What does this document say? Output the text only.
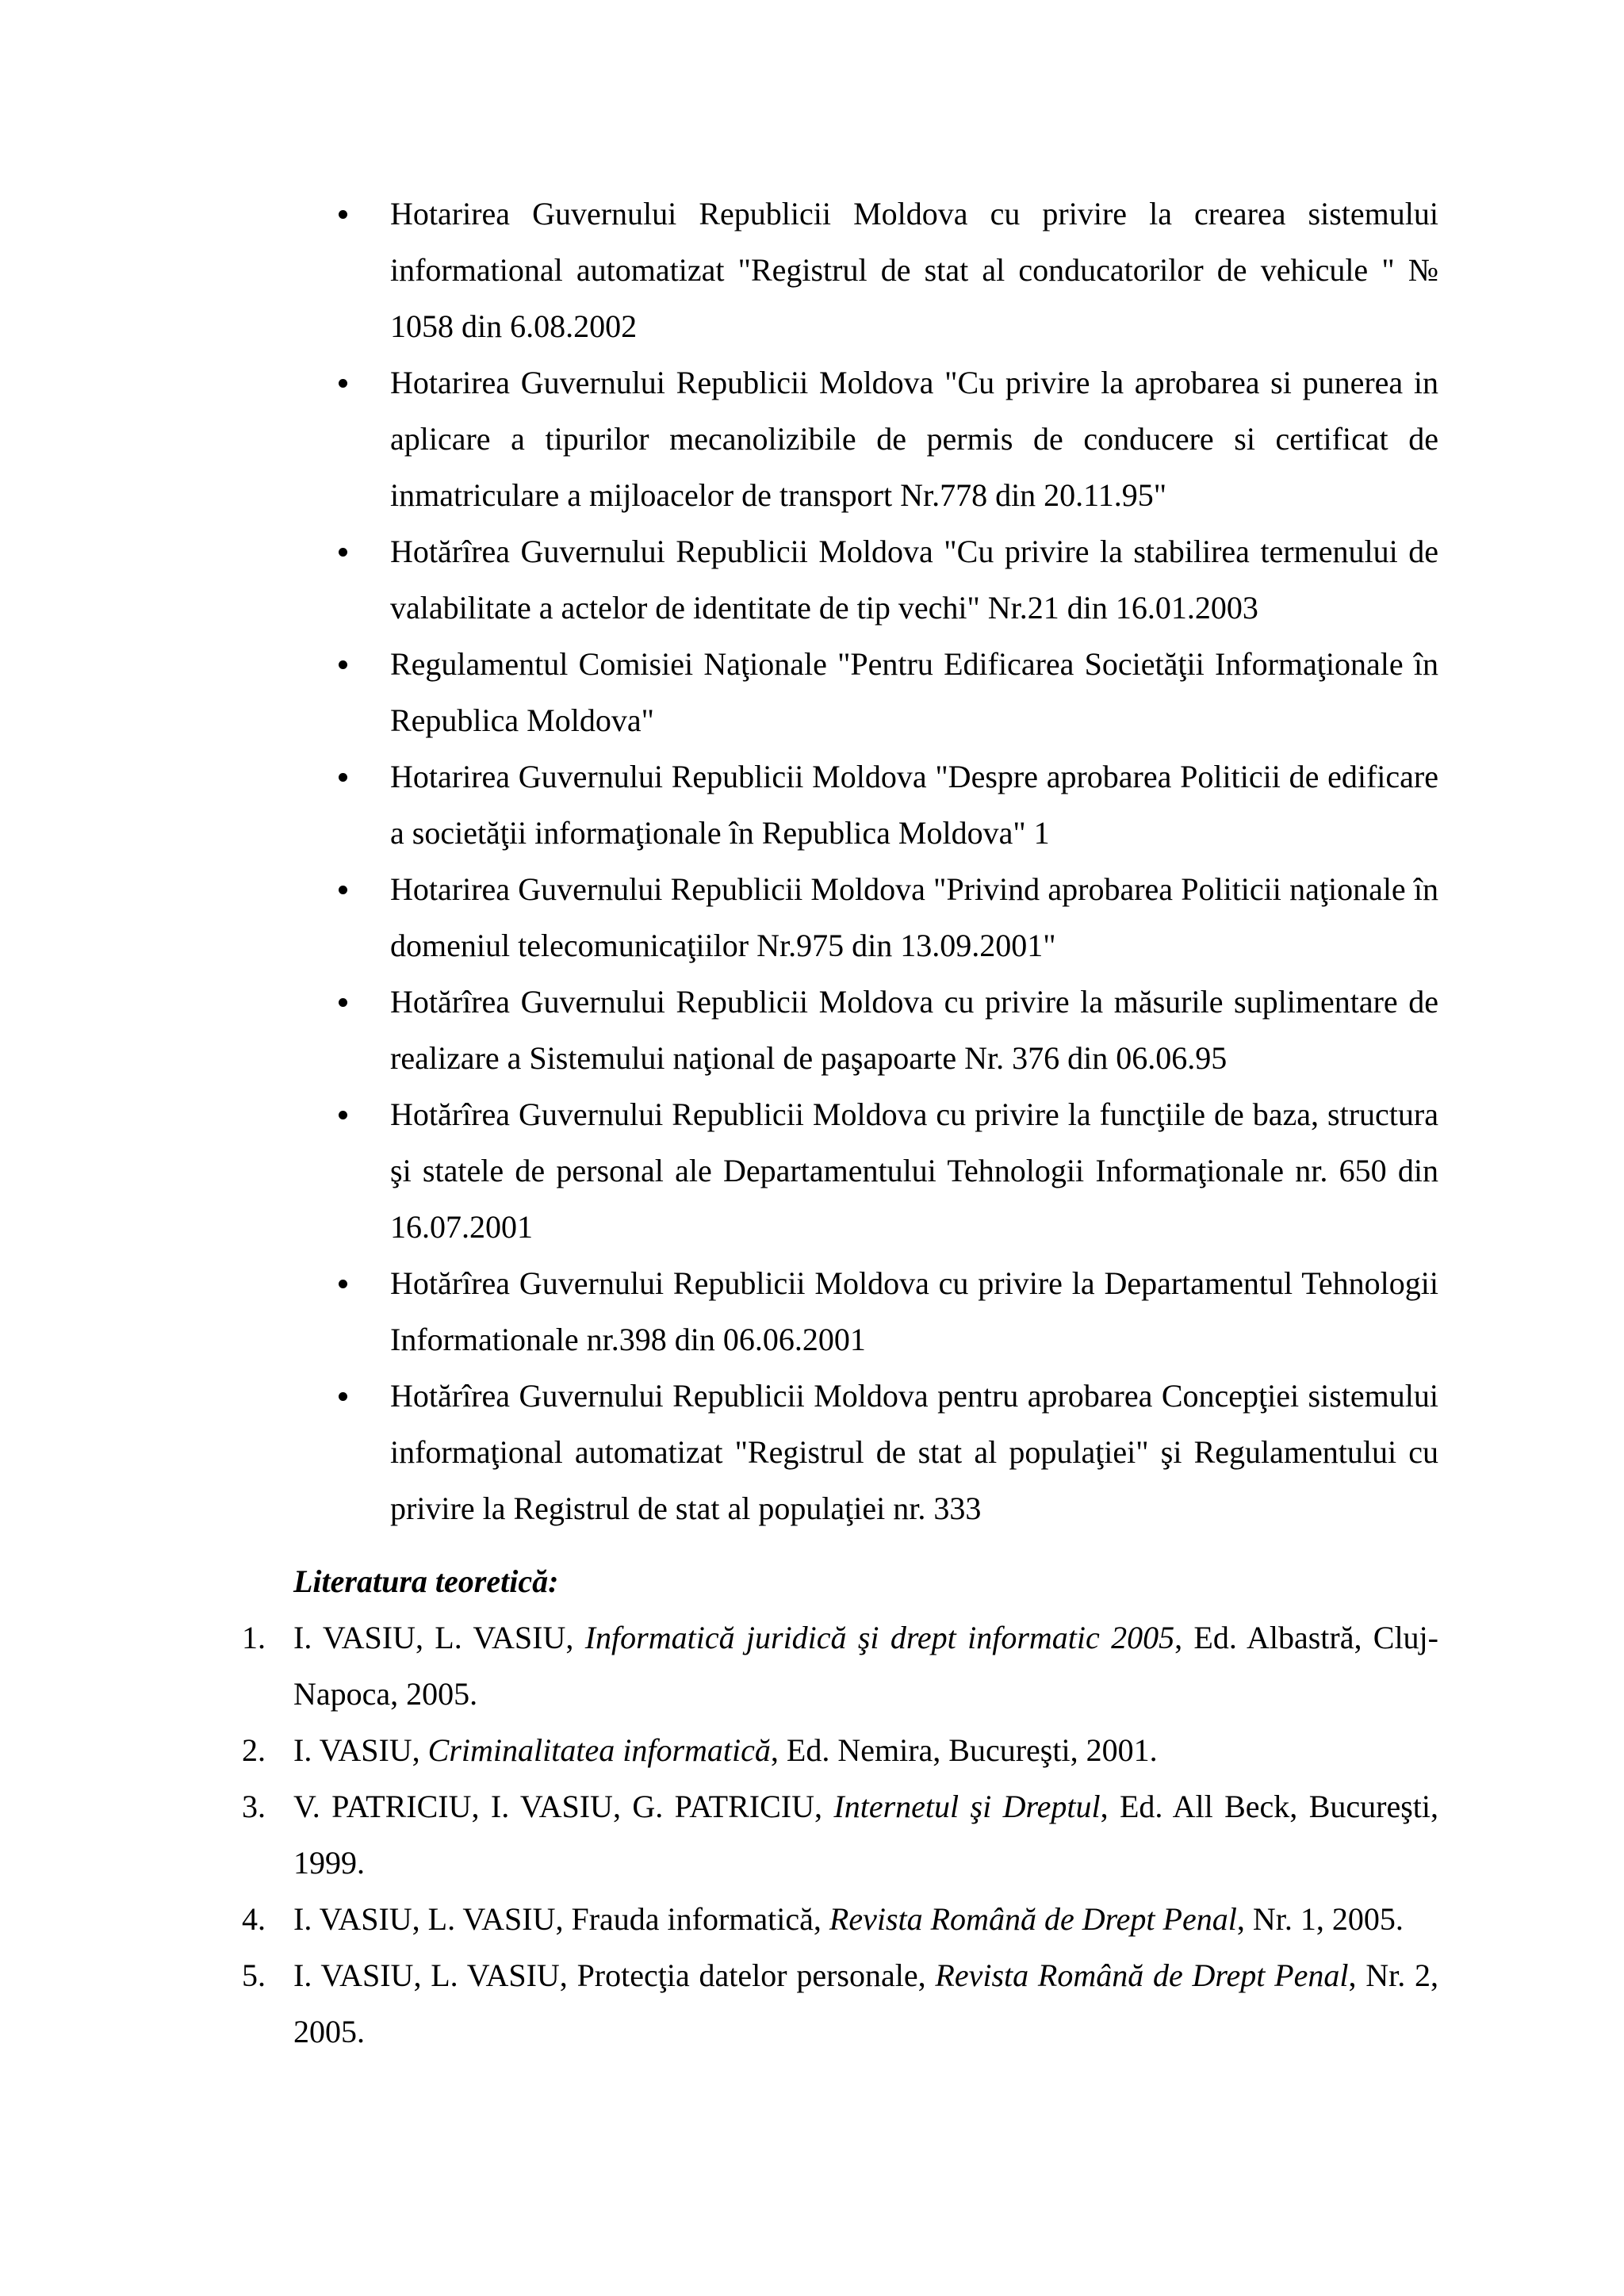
Hotarirea Guvernului Republicii Moldova cu privire la crearea sistemului informational automatizat "Registrul de stat al conducatorilor de vehicule " № 1058 din 6.08.2002
Hotarirea Guvernului Republicii Moldova "Cu privire la aprobarea si punerea in aplicare a tipurilor mecanolizibile de permis de conducere si certificat de inmatriculare a mijloacelor de transport Nr.778 din 20.11.95"
Hotărîrea Guvernului Republicii Moldova "Cu privire la stabilirea termenului de valabilitate a actelor de identitate de tip vechi" Nr.21 din 16.01.2003
Regulamentul Comisiei Naţionale "Pentru Edificarea Societăţii Informaţionale în Republica Moldova"
Hotarirea Guvernului Republicii Moldova "Despre aprobarea Politicii de edificare a societăţii informaţionale în Republica Moldova" 1
Hotarirea Guvernului Republicii Moldova "Privind aprobarea Politicii naţionale în domeniul telecomunicaţiilor Nr.975 din 13.09.2001"
Hotărîrea Guvernului Republicii Moldova cu privire la măsurile suplimentare de realizare a Sistemului naţional de paşapoarte Nr. 376 din 06.06.95
Hotărîrea Guvernului Republicii Moldova cu privire la funcţiile de baza, structura şi statele de personal ale Departamentului Tehnologii Informaţionale nr. 650 din 16.07.2001
Hotărîrea Guvernului Republicii Moldova cu privire la Departamentul Tehnologii Informationale nr.398 din 06.06.2001
Hotărîrea Guvernului Republicii Moldova pentru aprobarea Concepţiei sistemului informaţional automatizat "Registrul de stat al populaţiei" şi Regulamentului cu privire la Registrul de stat al populaţiei nr. 333

Literatura teoretică:

1. I. VASIU, L. VASIU, Informatică juridică şi drept informatic 2005, Ed. Albastră, Cluj-Napoca, 2005.
2. I. VASIU, Criminalitatea informatică, Ed. Nemira, Bucureşti, 2001.
3. V. PATRICIU, I. VASIU, G. PATRICIU, Internetul şi Dreptul, Ed. All Beck, Bucureşti, 1999.
4. I. VASIU, L. VASIU, Frauda informatică, Revista Română de Drept Penal, Nr. 1, 2005.
5. I. VASIU, L. VASIU, Protecţia datelor personale, Revista Română de Drept Penal, Nr. 2, 2005.
